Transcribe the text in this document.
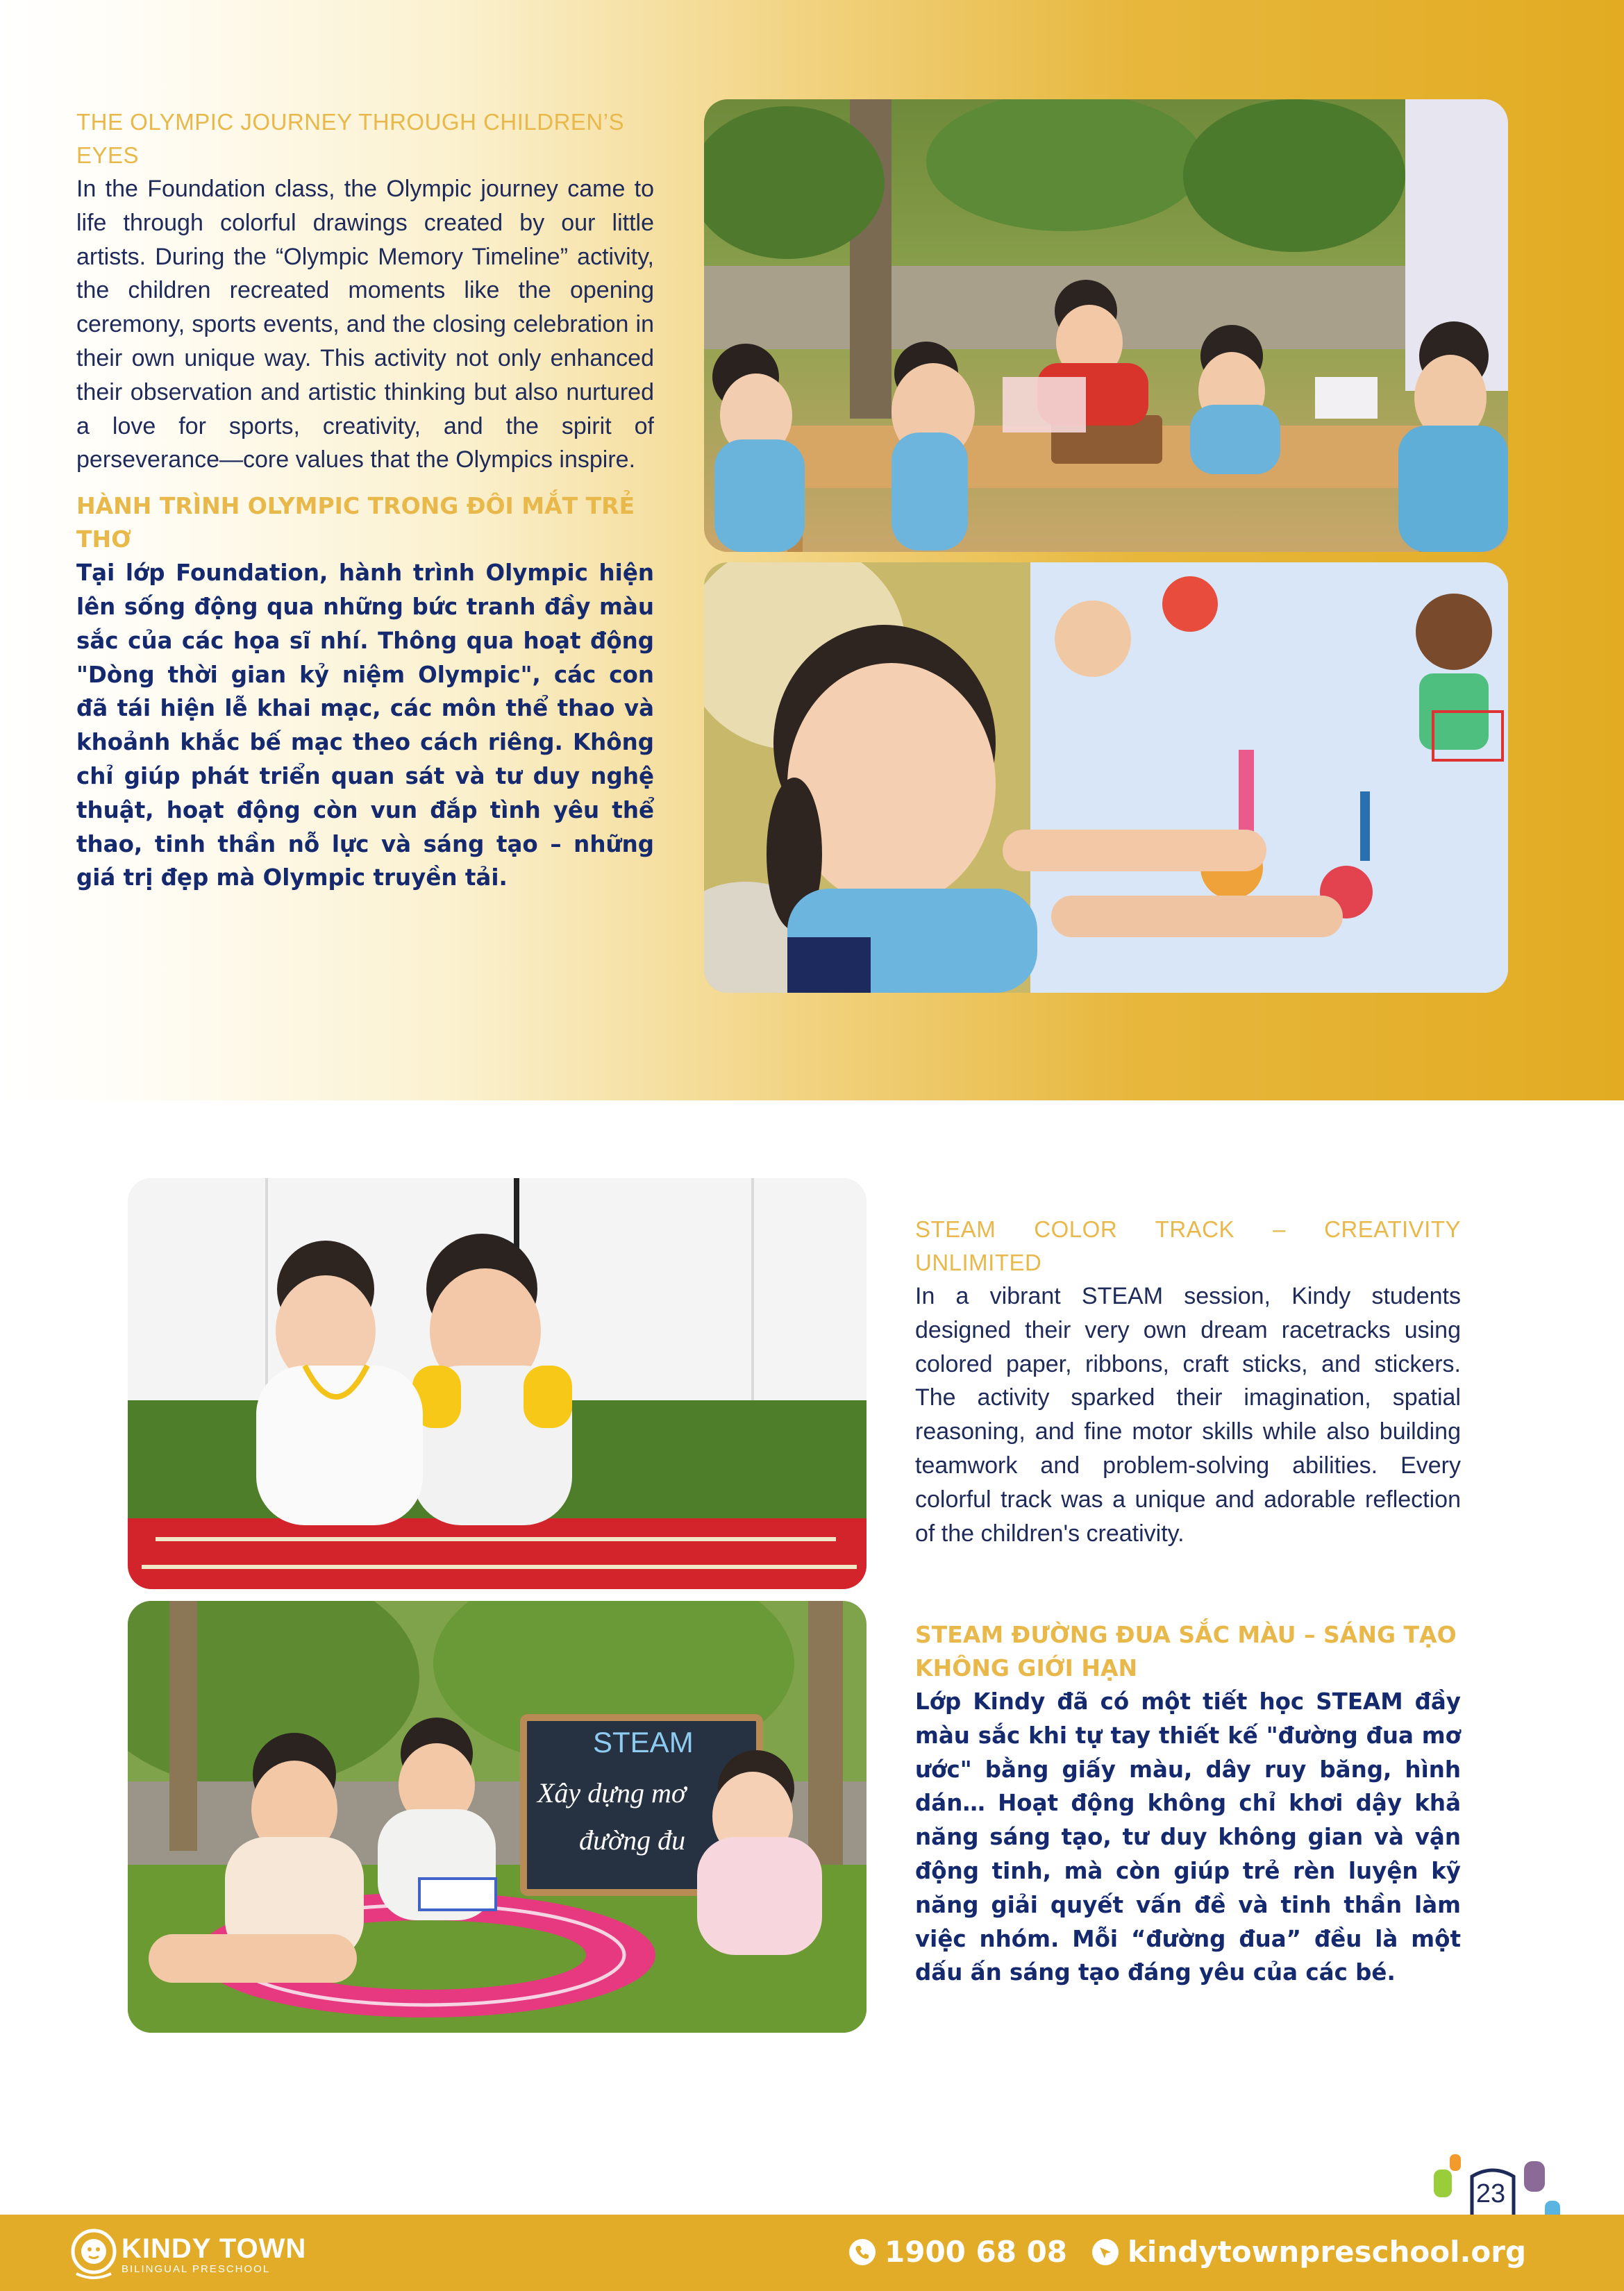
THE OLYMPIC JOURNEY THROUGH CHILDREN’S EYES
In the Foundation class, the Olympic journey came to life through colorful drawings created by our little artists. During the “Olympic Memory Timeline” activity, the children recreated moments like the opening ceremony, sports events, and the closing celebration in their own unique way. This activity not only enhanced their observation and artistic thinking but also nurtured a love for sports, creativity, and the spirit of perseverance—core values that the Olympics inspire.
HÀNH TRÌNH OLYMPIC TRONG ĐÔI MẮT TRẺ THƠ
Tại lớp Foundation, hành trình Olympic hiện lên sống động qua những bức tranh đầy màu sắc của các họa sĩ nhí. Thông qua hoạt động "Dòng thời gian kỷ niệm Olympic", các con đã tái hiện lễ khai mạc, các môn thể thao và khoảnh khắc bế mạc theo cách riêng. Không chỉ giúp phát triển quan sát và tư duy nghệ thuật, hoạt động còn vun đắp tình yêu thể thao, tinh thần nỗ lực và sáng tạo – những giá trị đẹp mà Olympic truyền tải.
STEAM
Xây dựng mơ
đường đu
STEAM COLOR TRACK – CREATIVITY UNLIMITED
In a vibrant STEAM session, Kindy students designed their very own dream racetracks using colored paper, ribbons, craft sticks, and stickers. The activity sparked their imagination, spatial reasoning, and fine motor skills while also building teamwork and problem-solving abilities. Every colorful track was a unique and adorable reflection of the children's creativity.
STEAM ĐƯỜNG ĐUA SẮC MÀU – SÁNG TẠO KHÔNG GIỚI HẠN
Lớp Kindy đã có một tiết học STEAM đầy màu sắc khi tự tay thiết kế "đường đua mơ ước" bằng giấy màu, dây ruy băng, hình dán… Hoạt động không chỉ khơi dậy khả năng sáng tạo, tư duy không gian và vận động tinh, mà còn giúp trẻ rèn luyện kỹ năng giải quyết vấn đề và tinh thần làm việc nhóm. Mỗi “đường đua” đều là một dấu ấn sáng tạo đáng yêu của các bé.
23
KINDY TOWN
BILINGUAL PRESCHOOL
1900 68 08 kindytownpreschool.org
